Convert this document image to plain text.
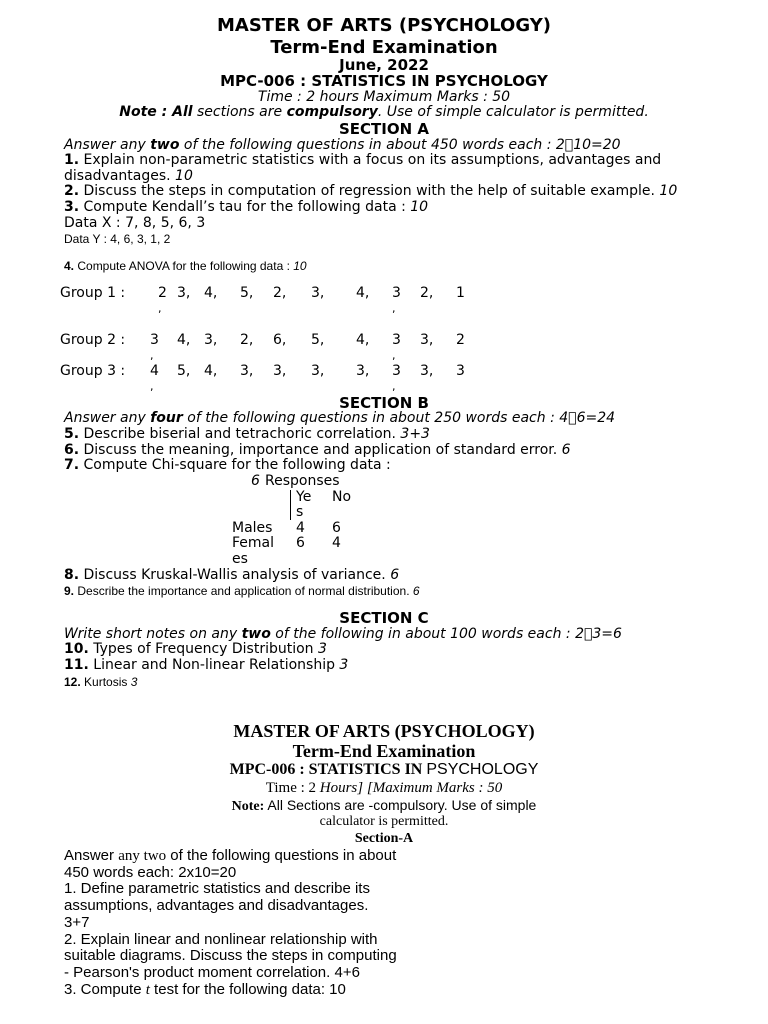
MASTER OF ARTS (PSYCHOLOGY)
Term-End Examination
June, 2022
MPC-006 : STATISTICS IN PSYCHOLOGY
Time : 2 hours Maximum Marks : 50
Note : All sections are compulsory. Use of simple calculator is permitted.
SECTION A
Answer any two of the following questions in about 450 words each : 2 10=20
1. Explain non-parametric statistics with a focus on its assumptions, advantages and
disadvantages. 10
2. Discuss the steps in computation of regression with the help of suitable example. 10
3. Compute Kendall’s tau for the following data : 10
Data X : 7, 8, 5, 6, 3
Data Y : 4, 6, 3, 1, 2
4. Compute ANOVA for the following data : 10
Group 1 : 2
,
3, 4, 5, 2, 3, 4, 3
,
2, 1
Group 2 : 3
,
4, 3, 2, 6, 5, 4, 3
,
3, 2
Group 3 : 4
,
5, 4, 3, 3, 3, 3, 3
,
3, 3
SECTION B
Answer any four of the following questions in about 250 words each : 4 6=24
5. Describe biserial and tetrachoric correlation. 3+3
6. Discuss the meaning, importance and application of standard error. 6
7. Compute Chi-square for the following data :
6 Responses
Ye
s
No
Males 4 6
Femal
es
6 4
8. Discuss Kruskal-Wallis analysis of variance. 6
9. Describe the importance and application of normal distribution. 6
SECTION C
Write short notes on any two of the following in about 100 words each : 2 3=6
10. Types of Frequency Distribution 3
11. Linear and Non-linear Relationship 3
12. Kurtosis 3
MASTER OF ARTS (PSYCHOLOGY)
Term-End Examination
MPC-006 : STATISTICS IN PSYCHOLOGY
Time : 2 Hours] [Maximum Marks : 50
Note: All Sections are -compulsory. Use of simple
calculator is permitted.
Section-A
Answer any two of the following questions in about
450 words each: 2x10=20
1. Define parametric statistics and describe its
assumptions, advantages and disadvantages.
3+7
2. Explain linear and nonlinear relationship with
suitable diagrams. Discuss the steps in computing
- Pearson's product moment correlation. 4+6
3. Compute t test for the following data: 10
